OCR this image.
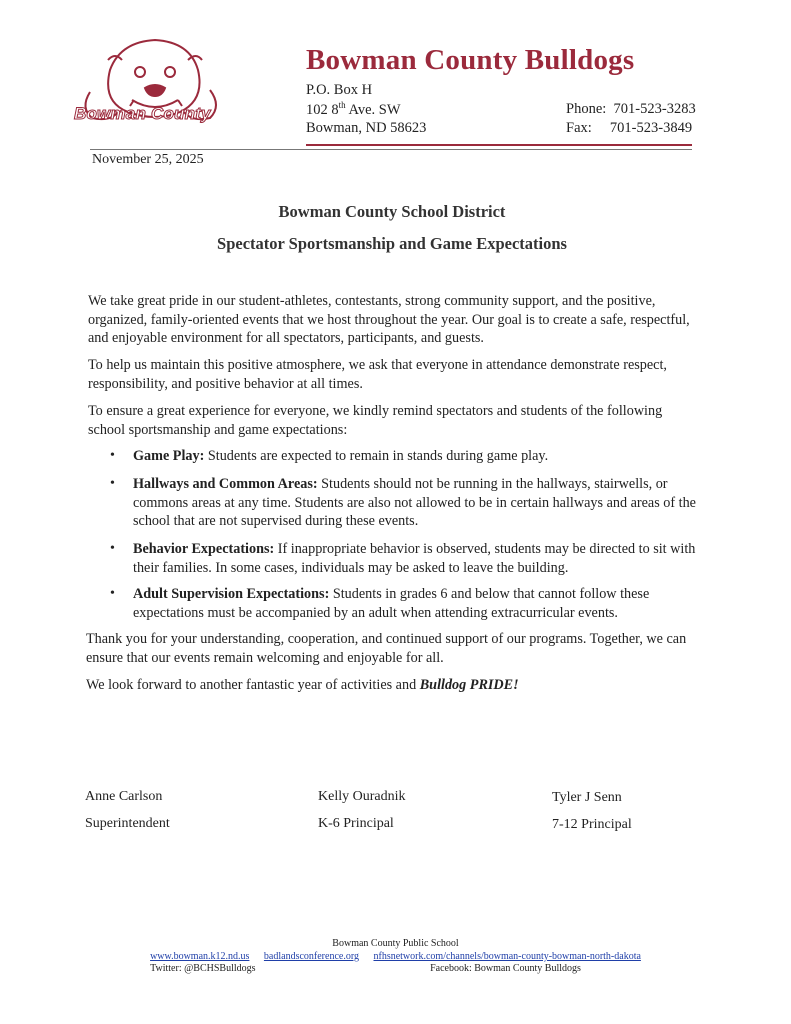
Bowman County
Bowman County Bulldogs
P.O. Box H
102 8th Ave. SW
Bowman, ND 58623
Phone: 701-523-3283
Fax: 701-523-3849
November 25, 2025
Bowman County School District
Spectator Sportsmanship and Game Expectations
We take great pride in our student-athletes, contestants, strong community support, and the positive, organized, family-oriented events that we host throughout the year. Our goal is to create a safe, respectful, and enjoyable environment for all spectators, participants, and guests.
To help us maintain this positive atmosphere, we ask that everyone in attendance demonstrate respect, responsibility, and positive behavior at all times.
To ensure a great experience for everyone, we kindly remind spectators and students of the following school sportsmanship and game expectations:
• Game Play: Students are expected to remain in stands during game play.
• Hallways and Common Areas: Students should not be running in the hallways, stairwells, or commons areas at any time. Students are also not allowed to be in certain hallways and areas of the school that are not supervised during these events.
• Behavior Expectations: If inappropriate behavior is observed, students may be directed to sit with their families. In some cases, individuals may be asked to leave the building.
• Adult Supervision Expectations: Students in grades 6 and below that cannot follow these expectations must be accompanied by an adult when attending extracurricular events.
Thank you for your understanding, cooperation, and continued support of our programs. Together, we can ensure that our events remain welcoming and enjoyable for all.
We look forward to another fantastic year of activities and Bulldog PRIDE!
Anne Carlson
Superintendent
Kelly Ouradnik
K-6 Principal
Tyler J Senn
7-12 Principal
Bowman County Public School
www.bowman.k12.nd.us badlandsconference.org nfhsnetwork.com/channels/bowman-county-bowman-north-dakota
Twitter: @BCHSBulldogs	Facebook: Bowman County Bulldogs
